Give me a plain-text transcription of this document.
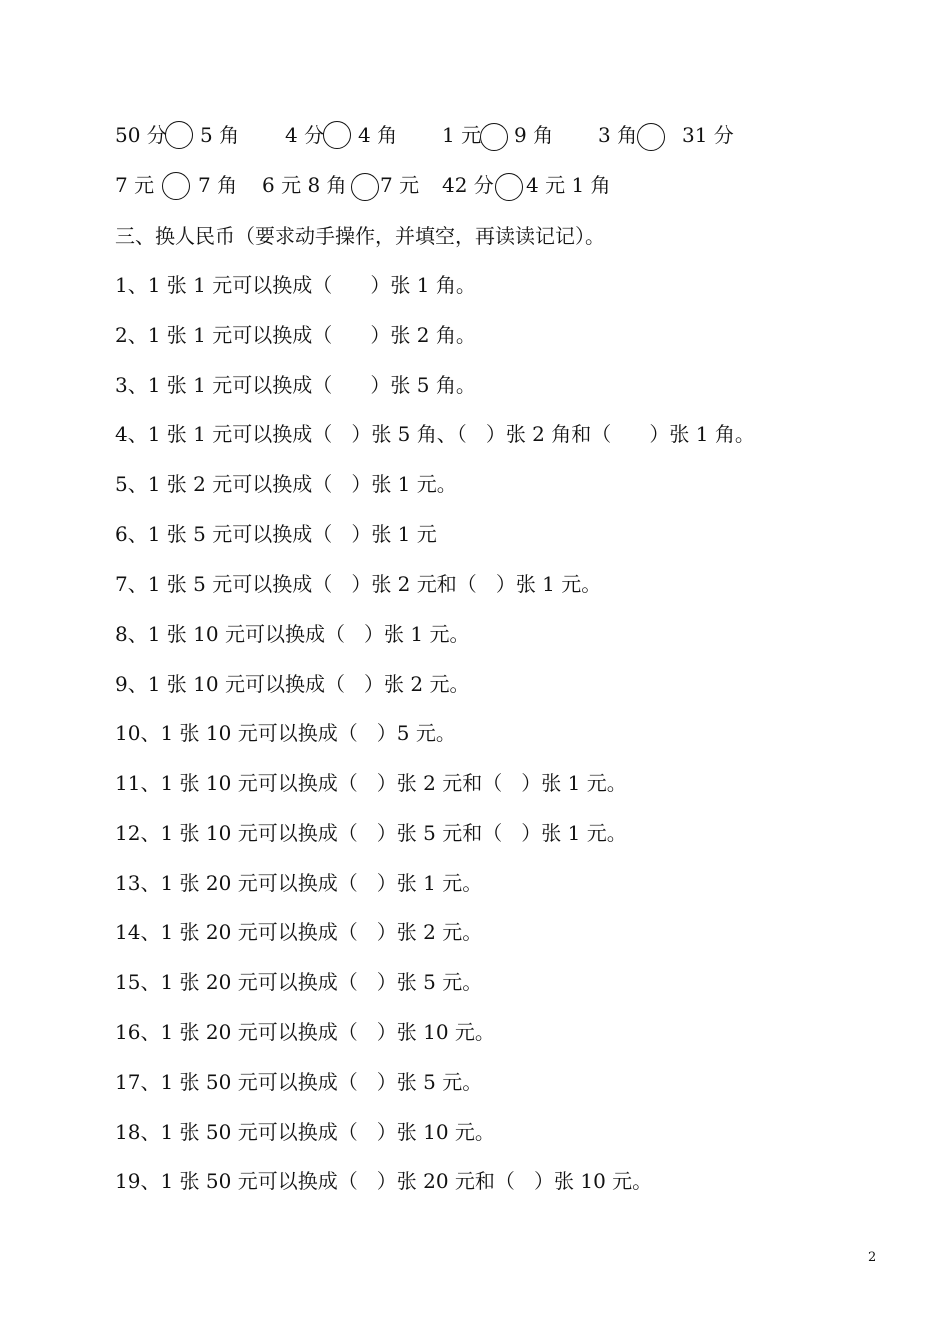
50 分 5 角 4 分 4 角 1 元 9 角 3 角 31 分
7 元 7 角 6 元 8 角 7 元 42 分 4 元 1 角
三、换人民币（要求动手操作，并填空，再读读记记）。
1、1 张 1 元可以换成（      ）张 1 角。
2、1 张 1 元可以换成（      ）张 2 角。
3、1 张 1 元可以换成（      ）张 5 角。
4、1 张 1 元可以换成（   ）张 5 角、（   ）张 2 角和（      ）张 1 角。
5、1 张 2 元可以换成（   ）张 1 元。
6、1 张 5 元可以换成（   ）张 1 元
7、1 张 5 元可以换成（   ）张 2 元和（   ）张 1 元。
8、1 张 10 元可以换成（   ）张 1 元。
9、1 张 10 元可以换成（   ）张 2 元。
10、1 张 10 元可以换成（   ）5 元。
11、1 张 10 元可以换成（   ）张 2 元和（   ）张 1 元。
12、1 张 10 元可以换成（   ）张 5 元和（   ）张 1 元。
13、1 张 20 元可以换成（   ）张 1 元。
14、1 张 20 元可以换成（   ）张 2 元。
15、1 张 20 元可以换成（   ）张 5 元。
16、1 张 20 元可以换成（   ）张 10 元。
17、1 张 50 元可以换成（   ）张 5 元。
18、1 张 50 元可以换成（   ）张 10 元。
19、1 张 50 元可以换成（   ）张 20 元和（   ）张 10 元。
2
